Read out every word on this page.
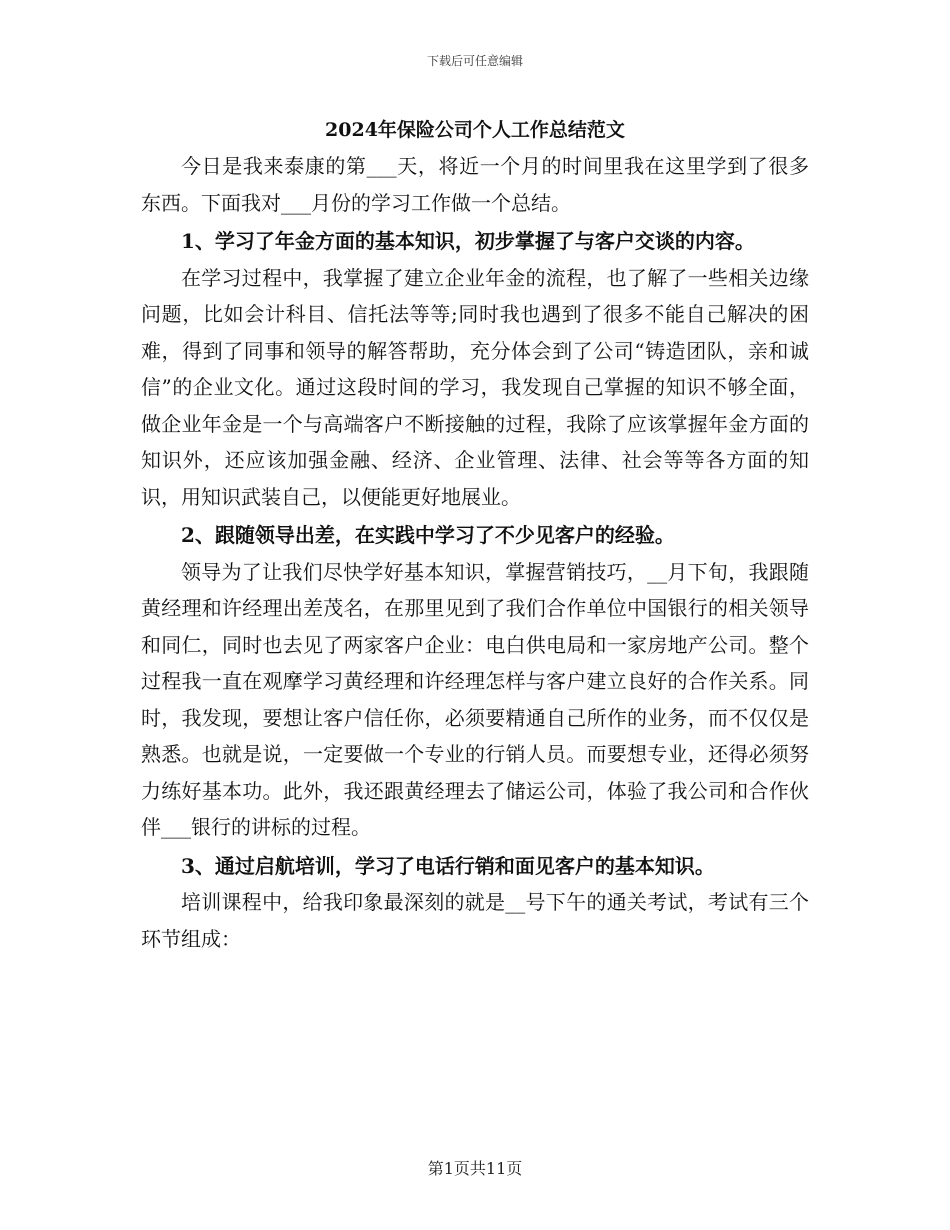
下载后可任意编辑
2024年保险公司个人工作总结范文

今日是我来泰康的第___天，将近一个月的时间里我在这里学到了很多东西。下面我对___月份的学习工作做一个总结。

1、学习了年金方面的基本知识，初步掌握了与客户交谈的内容。

在学习过程中，我掌握了建立企业年金的流程，也了解了一些相关边缘问题，比如会计科目、信托法等等;同时我也遇到了很多不能自己解决的困难，得到了同事和领导的解答帮助，充分体会到了公司“铸造团队，亲和诚信”的企业文化。通过这段时间的学习，我发现自己掌握的知识不够全面，做企业年金是一个与高端客户不断接触的过程，我除了应该掌握年金方面的知识外，还应该加强金融、经济、企业管理、法律、社会等等各方面的知识，用知识武装自己，以便能更好地展业。

2、跟随领导出差，在实践中学习了不少见客户的经验。

领导为了让我们尽快学好基本知识，掌握营销技巧，__月下旬，我跟随黄经理和许经理出差茂名，在那里见到了我们合作单位中国银行的相关领导和同仁，同时也去见了两家客户企业：电白供电局和一家房地产公司。整个过程我一直在观摩学习黄经理和许经理怎样与客户建立良好的合作关系。同时，我发现，要想让客户信任你，必须要精通自己所作的业务，而不仅仅是熟悉。也就是说，一定要做一个专业的行销人员。而要想专业，还得必须努力练好基本功。此外，我还跟黄经理去了储运公司，体验了我公司和合作伙伴___银行的讲标的过程。

3、通过启航培训，学习了电话行销和面见客户的基本知识。

培训课程中，给我印象最深刻的就是__号下午的通关考试，考试有三个环节组成：

第1页共11页
